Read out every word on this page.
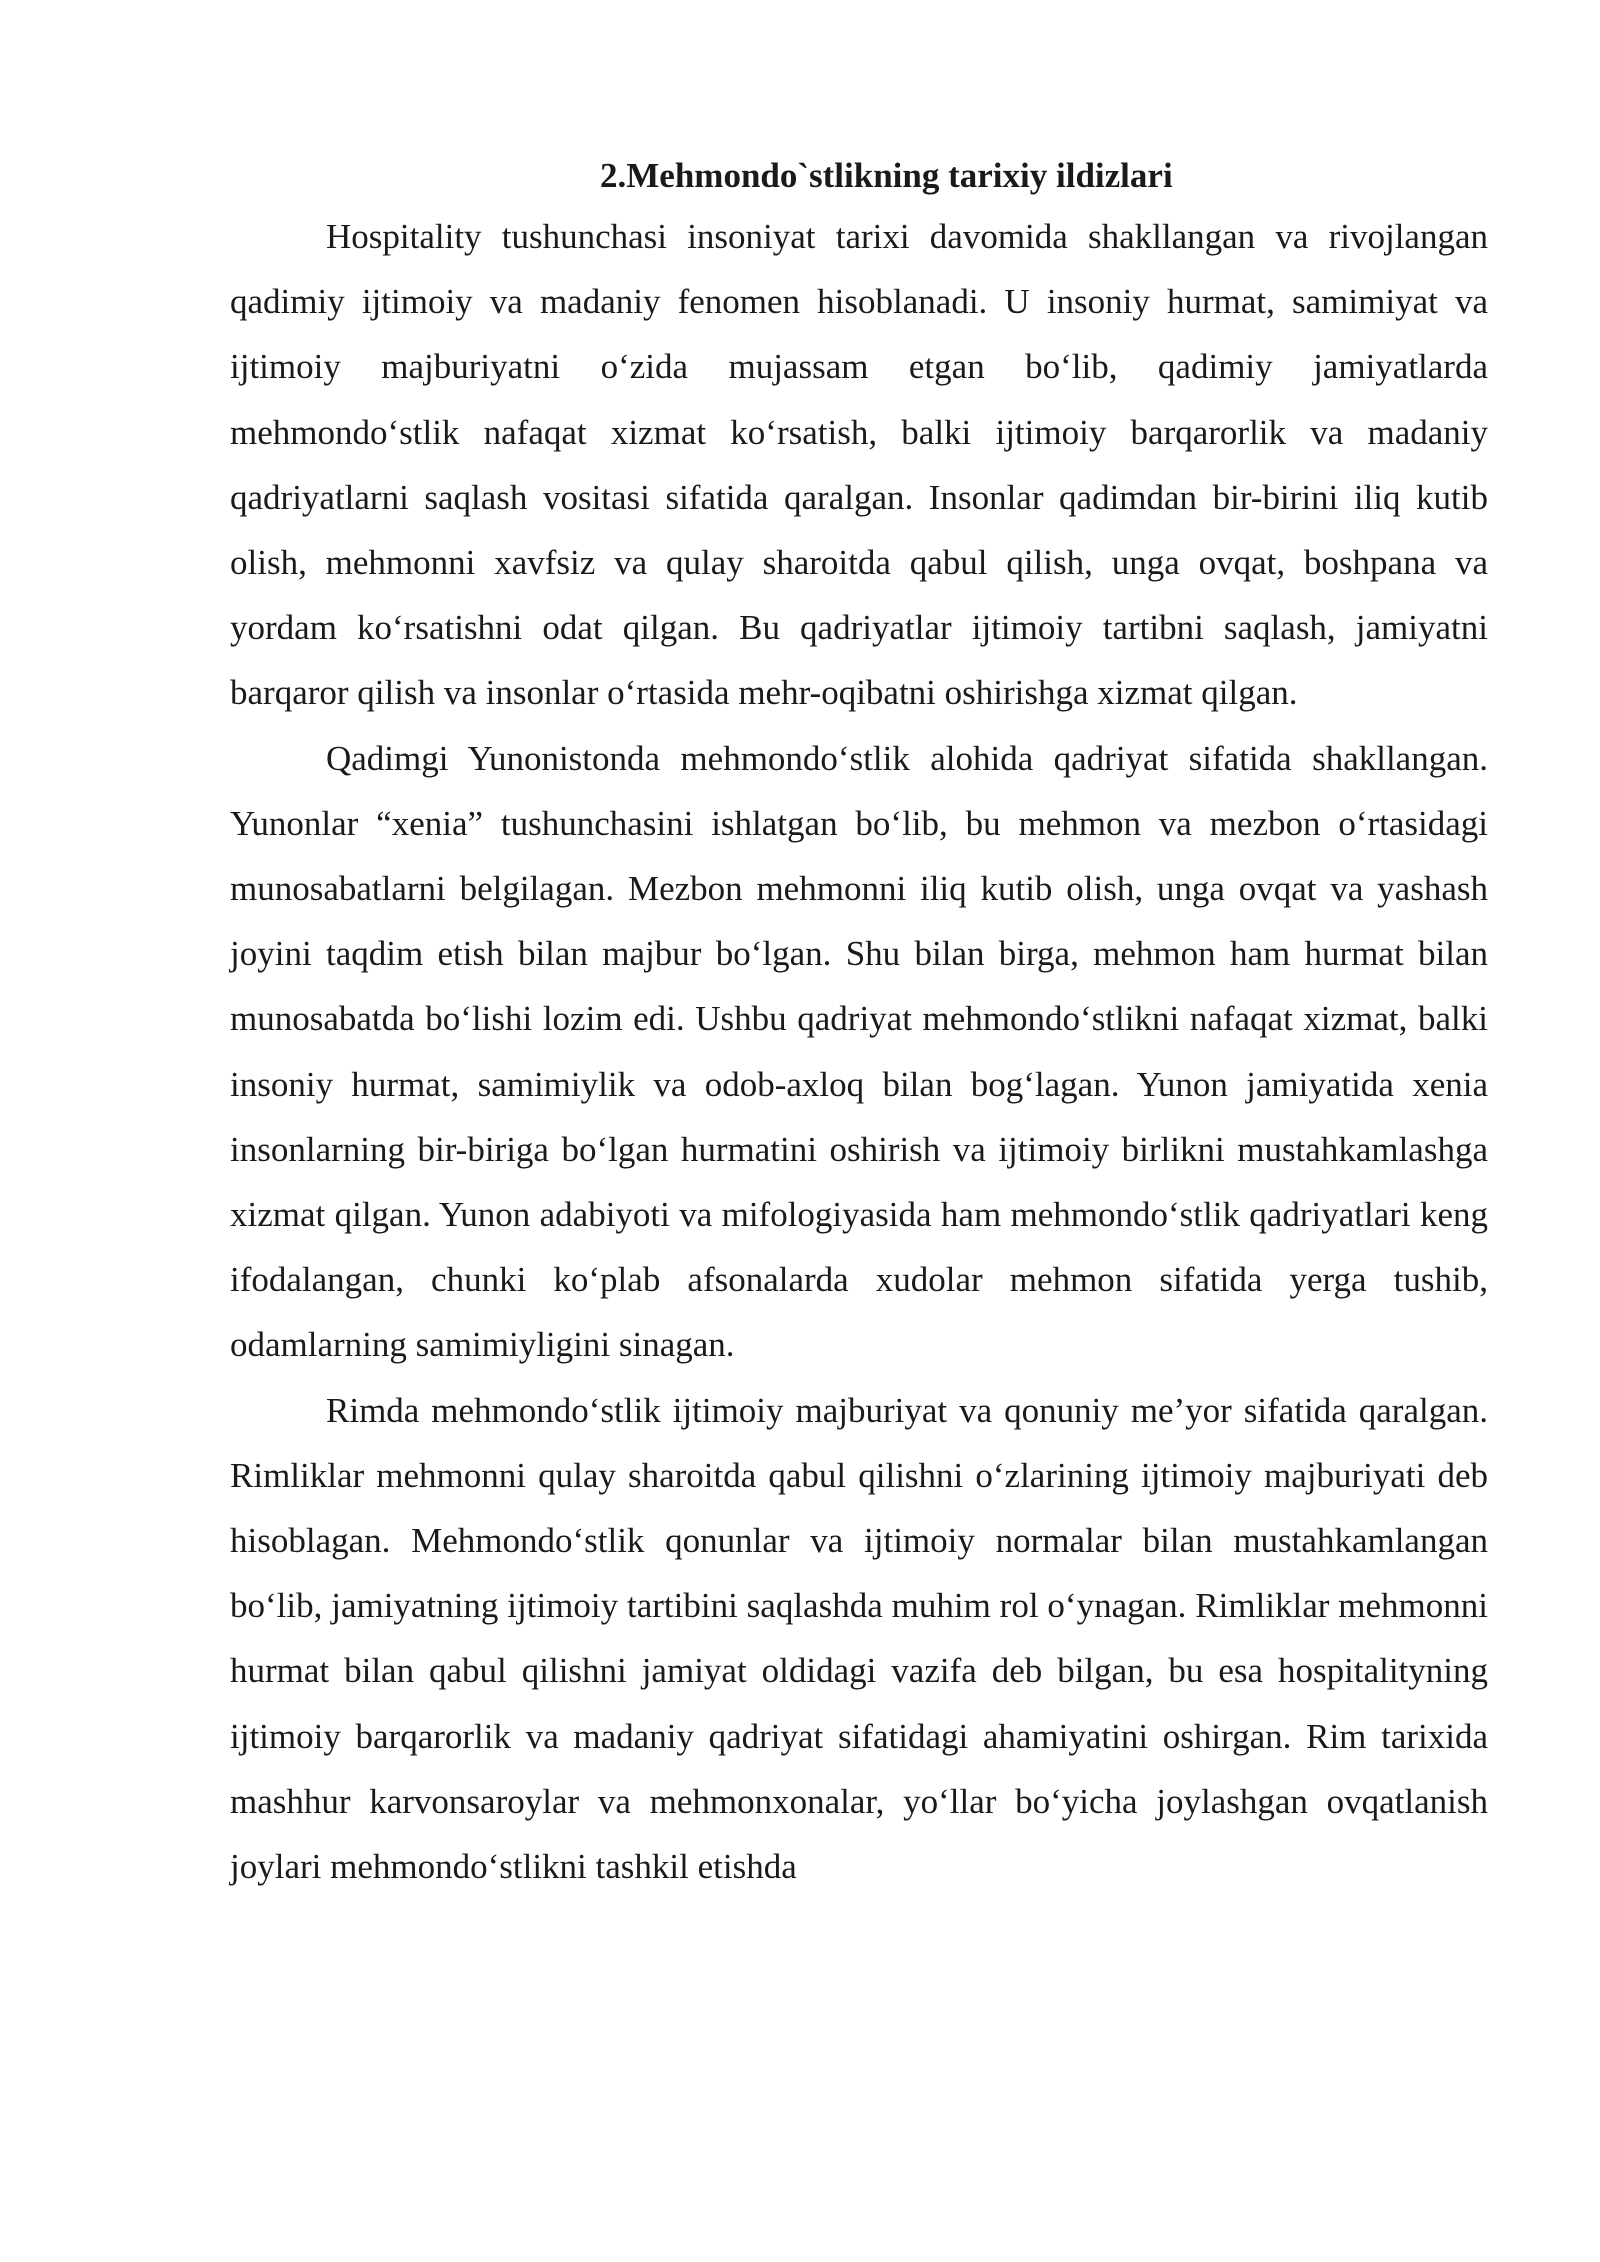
2.Mehmondo`stlikning tarixiy ildizlari

Hospitality tushunchasi insoniyat tarixi davomida shakllangan va rivojlangan qadimiy ijtimoiy va madaniy fenomen hisoblanadi. U insoniy hurmat, samimiyat va ijtimoiy majburiyatni o‘zida mujassam etgan bo‘lib, qadimiy jamiyatlarda mehmondo‘stlik nafaqat xizmat ko‘rsatish, balki ijtimoiy barqarorlik va madaniy qadriyatlarni saqlash vositasi sifatida qaralgan. Insonlar qadimdan bir-birini iliq kutib olish, mehmonni xavfsiz va qulay sharoitda qabul qilish, unga ovqat, boshpana va yordam ko‘rsatishni odat qilgan. Bu qadriyatlar ijtimoiy tartibni saqlash, jamiyatni barqaror qilish va insonlar o‘rtasida mehr-oqibatni oshirishga xizmat qilgan.

Qadimgi Yunonistonda mehmondo‘stlik alohida qadriyat sifatida shakllangan. Yunonlar “xenia” tushunchasini ishlatgan bo‘lib, bu mehmon va mezbon o‘rtasidagi munosabatlarni belgilagan. Mezbon mehmonni iliq kutib olish, unga ovqat va yashash joyini taqdim etish bilan majbur bo‘lgan. Shu bilan birga, mehmon ham hurmat bilan munosabatda bo‘lishi lozim edi. Ushbu qadriyat mehmondo‘stlikni nafaqat xizmat, balki insoniy hurmat, samimiylik va odob-axloq bilan bog‘lagan. Yunon jamiyatida xenia insonlarning bir-biriga bo‘lgan hurmatini oshirish va ijtimoiy birlikni mustahkamlashga xizmat qilgan. Yunon adabiyoti va mifologiyasida ham mehmondo‘stlik qadriyatlari keng ifodalangan, chunki ko‘plab afsonalarda xudolar mehmon sifatida yerga tushib, odamlarning samimiyligini sinagan.

Rimda mehmondo‘stlik ijtimoiy majburiyat va qonuniy me’yor sifatida qaralgan. Rimliklar mehmonni qulay sharoitda qabul qilishni o‘zlarining ijtimoiy majburiyati deb hisoblagan. Mehmondo‘stlik qonunlar va ijtimoiy normalar bilan mustahkamlangan bo‘lib, jamiyatning ijtimoiy tartibini saqlashda muhim rol o‘ynagan. Rimliklar mehmonni hurmat bilan qabul qilishni jamiyat oldidagi vazifa deb bilgan, bu esa hospitalityning ijtimoiy barqarorlik va madaniy qadriyat sifatidagi ahamiyatini oshirgan. Rim tarixida mashhur karvonsaroylar va mehmonxonalar, yo‘llar bo‘yicha joylashgan ovqatlanish joylari mehmondo‘stlikni tashkil etishda
